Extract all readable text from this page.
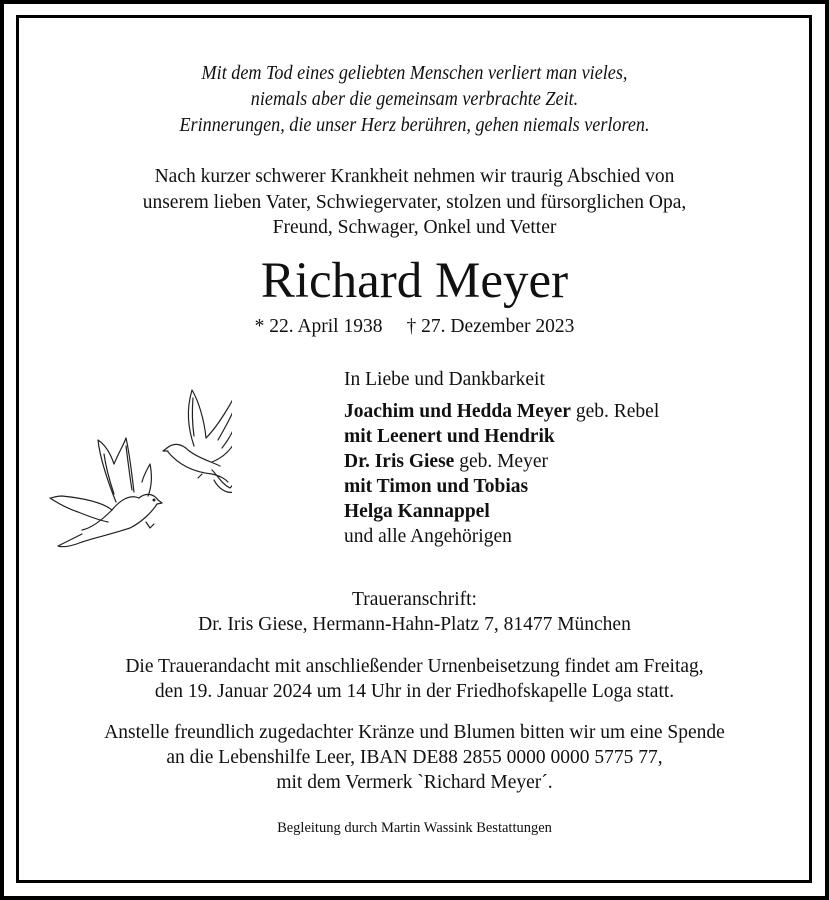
Mit dem Tod eines geliebten Menschen verliert man vieles,
niemals aber die gemeinsam verbrachte Zeit.
Erinnerungen, die unser Herz berühren, gehen niemals verloren.
Nach kurzer schwerer Krankheit nehmen wir traurig Abschied von
unserem lieben Vater, Schwiegervater, stolzen und fürsorglichen Opa,
Freund, Schwager, Onkel und Vetter
Richard Meyer
* 22. April 1938 † 27. Dezember 2023
In Liebe und Dankbarkeit
Joachim und Hedda Meyer geb. Rebel
mit Leenert und Hendrik
Dr. Iris Giese geb. Meyer
mit Timon und Tobias
Helga Kannappel
und alle Angehörigen
Traueranschrift:
Dr. Iris Giese, Hermann-Hahn-Platz 7, 81477 München
Die Trauerandacht mit anschließender Urnenbeisetzung findet am Freitag,
den 19. Januar 2024 um 14 Uhr in der Friedhofskapelle Loga statt.
Anstelle freundlich zugedachter Kränze und Blumen bitten wir um eine Spende
an die Lebenshilfe Leer, IBAN DE88 2855 0000 0000 5775 77,
mit dem Vermerk `Richard Meyer´.
Begleitung durch Martin Wassink Bestattungen
